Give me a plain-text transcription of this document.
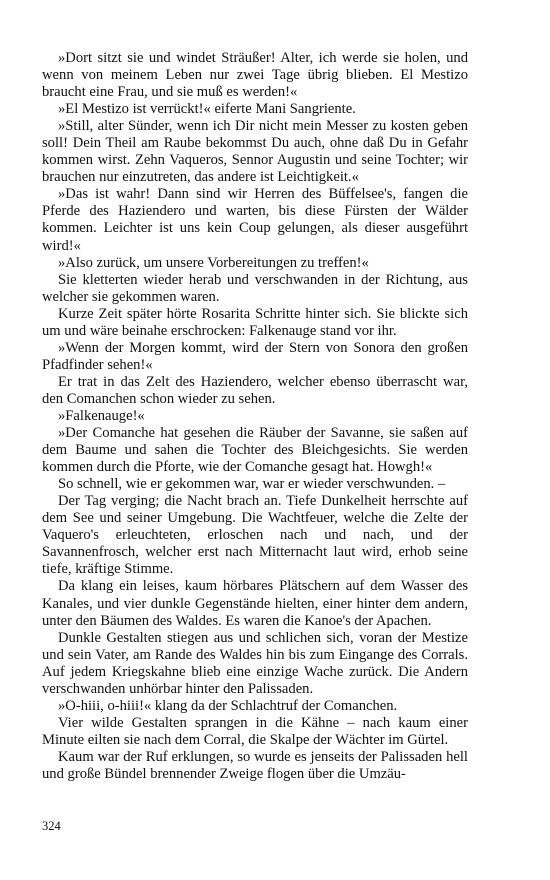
»Dort sitzt sie und windet Sträußer! Alter, ich werde sie holen, und wenn von meinem Leben nur zwei Tage übrig blieben. El Mestizo braucht eine Frau, und sie muß es werden!«

»El Mestizo ist verrückt!« eiferte Mani Sangriente.

»Still, alter Sünder, wenn ich Dir nicht mein Messer zu kosten geben soll! Dein Theil am Raube bekommst Du auch, ohne daß Du in Gefahr kommen wirst. Zehn Vaqueros, Sennor Augustin und seine Tochter; wir brauchen nur einzutreten, das andere ist Leichtigkeit.«

»Das ist wahr! Dann sind wir Herren des Büffelsee's, fangen die Pferde des Haziendero und warten, bis diese Fürsten der Wälder kommen. Leichter ist uns kein Coup gelungen, als dieser ausgeführt wird!«

»Also zurück, um unsere Vorbereitungen zu treffen!«

Sie kletterten wieder herab und verschwanden in der Richtung, aus welcher sie gekommen waren.

Kurze Zeit später hörte Rosarita Schritte hinter sich. Sie blickte sich um und wäre beinahe erschrocken: Falkenauge stand vor ihr.

»Wenn der Morgen kommt, wird der Stern von Sonora den großen Pfadfinder sehen!«

Er trat in das Zelt des Haziendero, welcher ebenso überrascht war, den Comanchen schon wieder zu sehen.

»Falkenauge!«

»Der Comanche hat gesehen die Räuber der Savanne, sie saßen auf dem Baume und sahen die Tochter des Bleichgesichts. Sie werden kommen durch die Pforte, wie der Comanche gesagt hat. Howgh!«

So schnell, wie er gekommen war, war er wieder verschwunden. –

Der Tag verging; die Nacht brach an. Tiefe Dunkelheit herrschte auf dem See und seiner Umgebung. Die Wachtfeuer, welche die Zelte der Vaquero's erleuchteten, erloschen nach und nach, und der Savannenfrosch, welcher erst nach Mitternacht laut wird, erhob seine tiefe, kräftige Stimme.

Da klang ein leises, kaum hörbares Plätschern auf dem Wasser des Kanales, und vier dunkle Gegenstände hielten, einer hinter dem andern, unter den Bäumen des Waldes. Es waren die Kanoe's der Apachen.

Dunkle Gestalten stiegen aus und schlichen sich, voran der Mestize und sein Vater, am Rande des Waldes hin bis zum Eingange des Corrals. Auf jedem Kriegskahne blieb eine einzige Wache zurück. Die Andern verschwanden unhörbar hinter den Palissaden.

»O-hiii, o-hiii!« klang da der Schlachtruf der Comanchen.

Vier wilde Gestalten sprangen in die Kähne – nach kaum einer Minute eilten sie nach dem Corral, die Skalpe der Wächter im Gürtel.

Kaum war der Ruf erklungen, so wurde es jenseits der Palissaden hell und große Bündel brennender Zweige flogen über die Umzäu-

324
